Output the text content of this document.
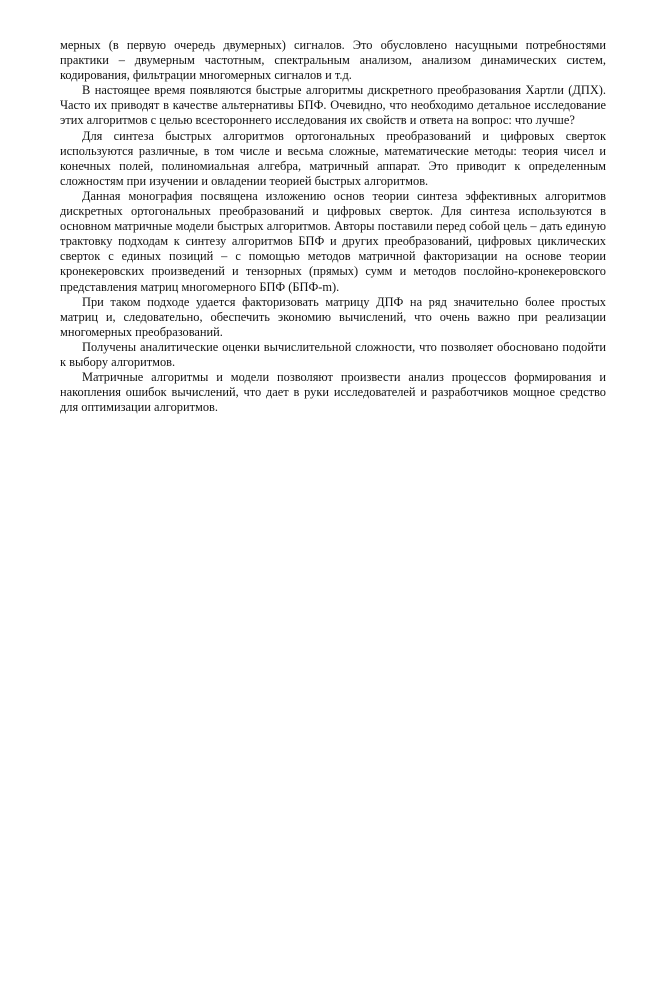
мерных (в первую очередь двумерных) сигналов. Это обусловлено насущными потребностями практики – двумерным частотным, спектральным анализом, анализом динамических систем, кодирования, фильтрации многомерных сигналов и т.д.

В настоящее время появляются быстрые алгоритмы дискретного преобразования Хартли (ДПХ). Часто их приводят в качестве альтернативы БПФ. Очевидно, что необходимо детальное исследование этих алгоритмов с целью всестороннего исследования их свойств и ответа на вопрос: что лучше?

Для синтеза быстрых алгоритмов ортогональных преобразований и цифровых сверток используются различные, в том числе и весьма сложные, математические методы: теория чисел и конечных полей, полиномиальная алгебра, матричный аппарат. Это приводит к определенным сложностям при изучении и овладении теорией быстрых алгоритмов.

Данная монография посвящена изложению основ теории синтеза эффективных алгоритмов дискретных ортогональных преобразований и цифровых сверток. Для синтеза используются в основном матричные модели быстрых алгоритмов. Авторы поставили перед собой цель – дать единую трактовку подходам к синтезу алгоритмов БПФ и других преобразований, цифровых циклических сверток с единых позиций – с помощью методов матричной факторизации на основе теории кронекеровских произведений и тензорных (прямых) сумм и методов послойно-кронекеровского представления матриц многомерного БПФ (БПФ-m).

При таком подходе удается факторизовать матрицу ДПФ на ряд значительно более простых матриц и, следовательно, обеспечить экономию вычислений, что очень важно при реализации многомерных преобразований.

Получены аналитические оценки вычислительной сложности, что позволяет обосновано подойти к выбору алгоритмов.

Матричные алгоритмы и модели позволяют произвести анализ процессов формирования и накопления ошибок вычислений, что дает в руки исследователей и разработчиков мощное средство для оптимизации алгоритмов.
